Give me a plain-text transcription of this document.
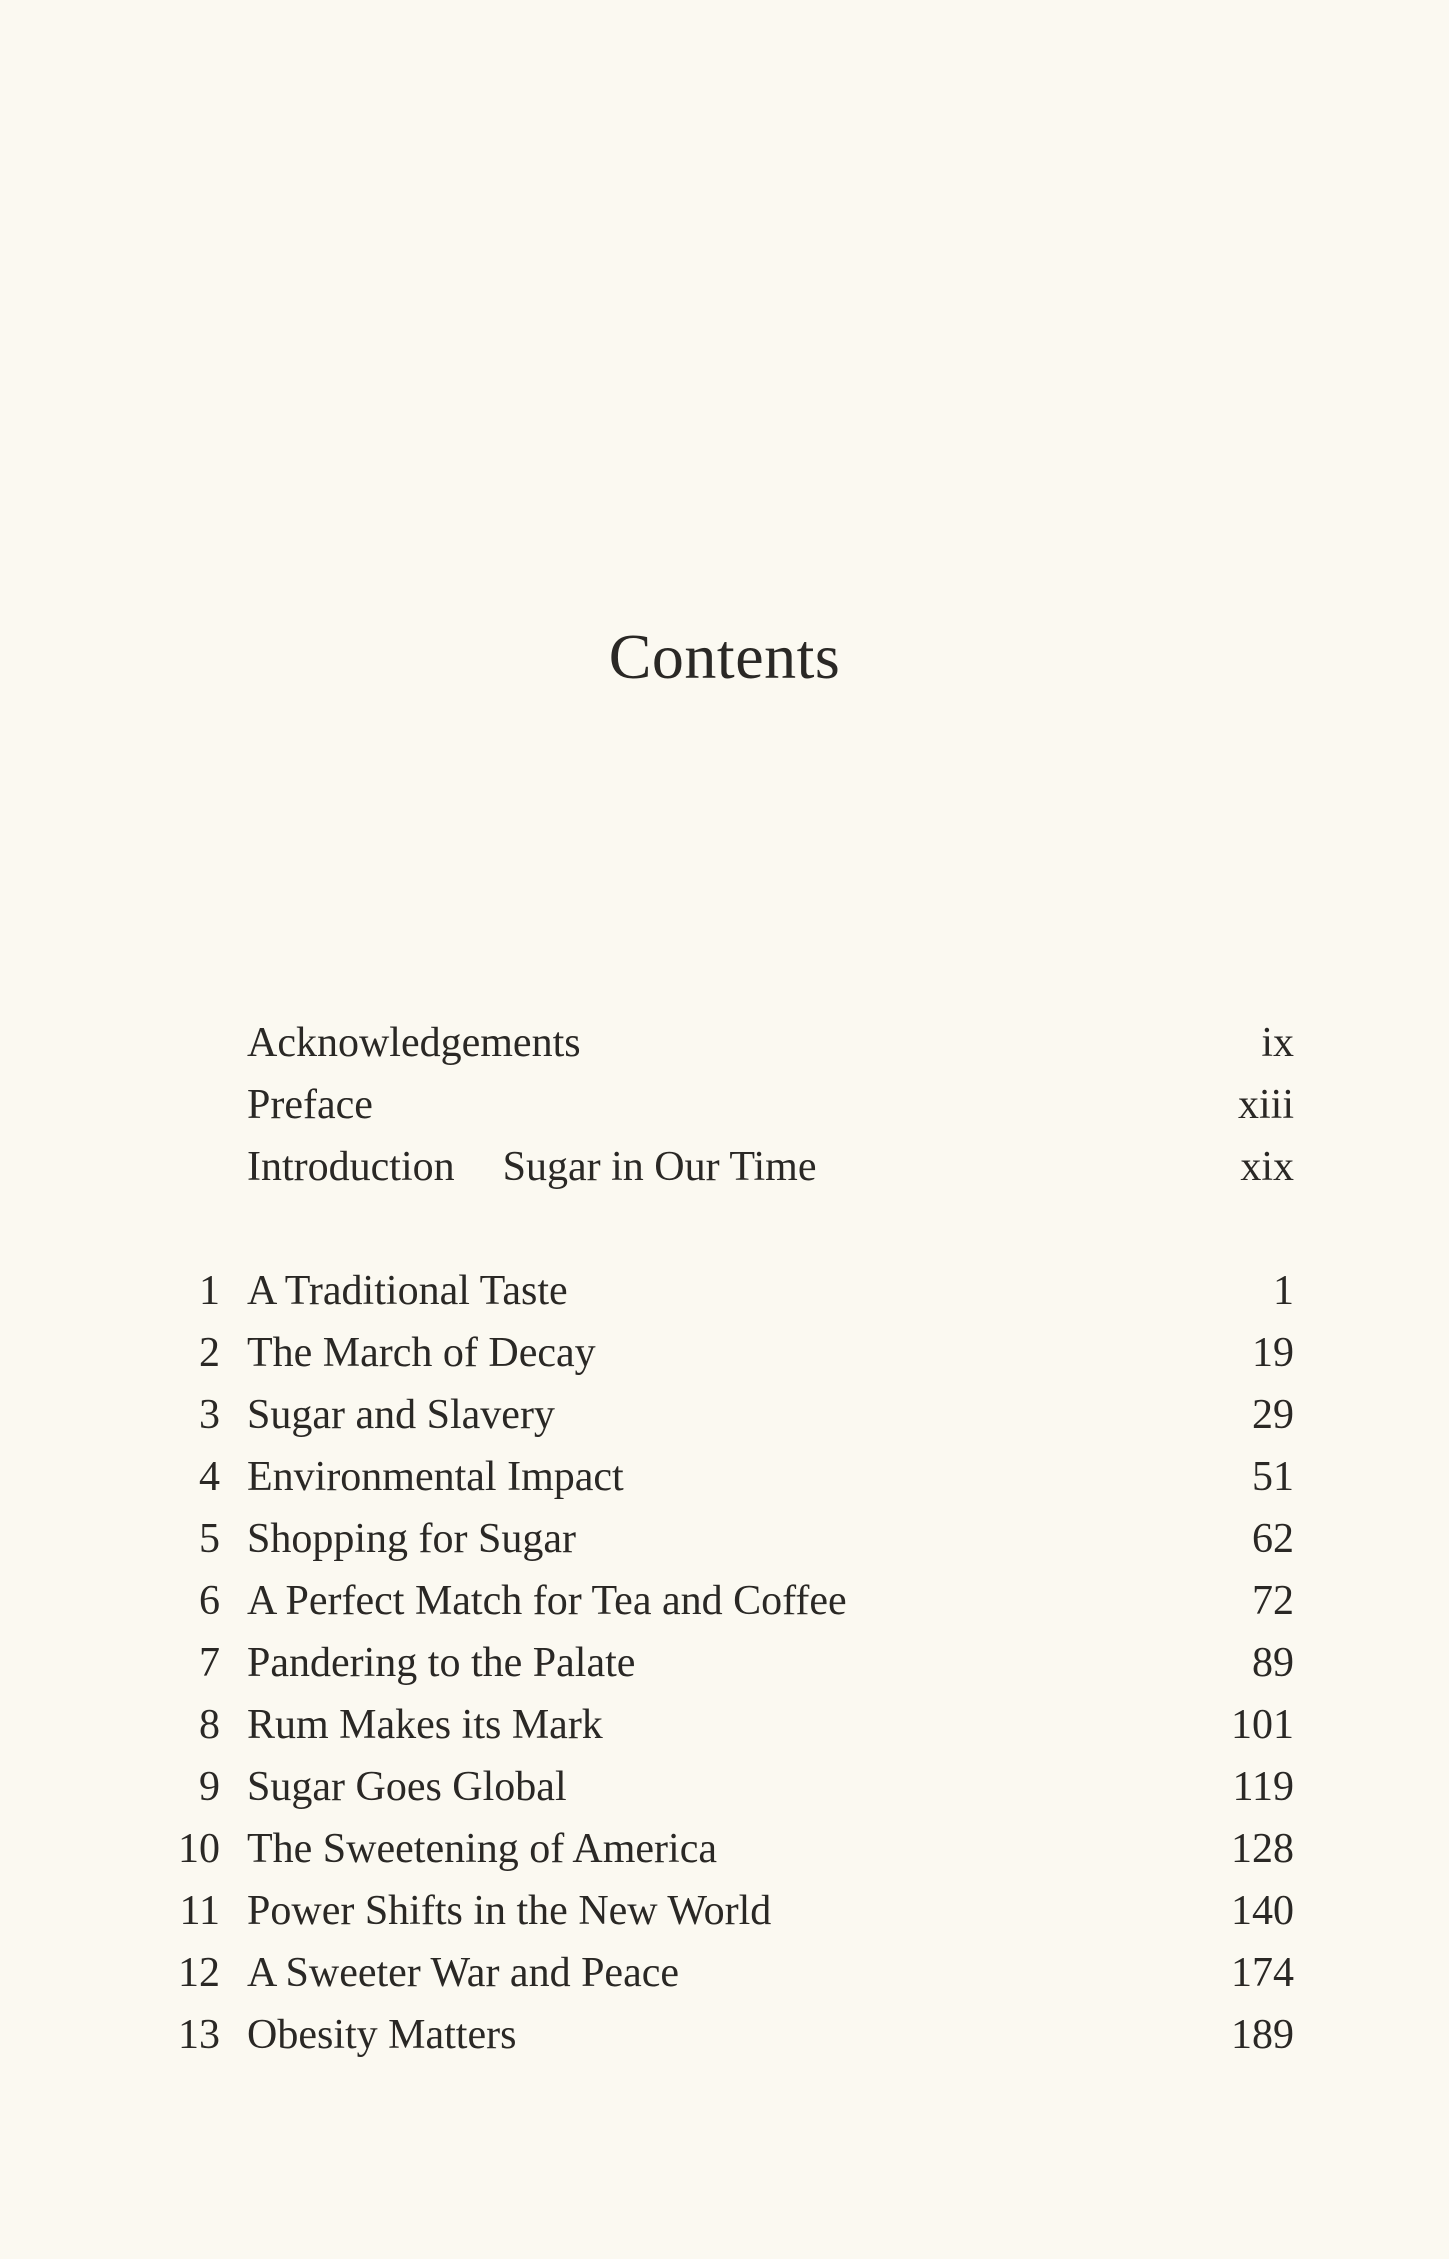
Contents
Acknowledgements	ix
Preface	xiii
Introduction Sugar in Our Time	xix
1 A Traditional Taste	1
2 The March of Decay	19
3 Sugar and Slavery	29
4 Environmental Impact	51
5 Shopping for Sugar	62
6 A Perfect Match for Tea and Coffee	72
7 Pandering to the Palate	89
8 Rum Makes its Mark	101
9 Sugar Goes Global	119
10 The Sweetening of America	128
11 Power Shifts in the New World	140
12 A Sweeter War and Peace	174
13 Obesity Matters	189
